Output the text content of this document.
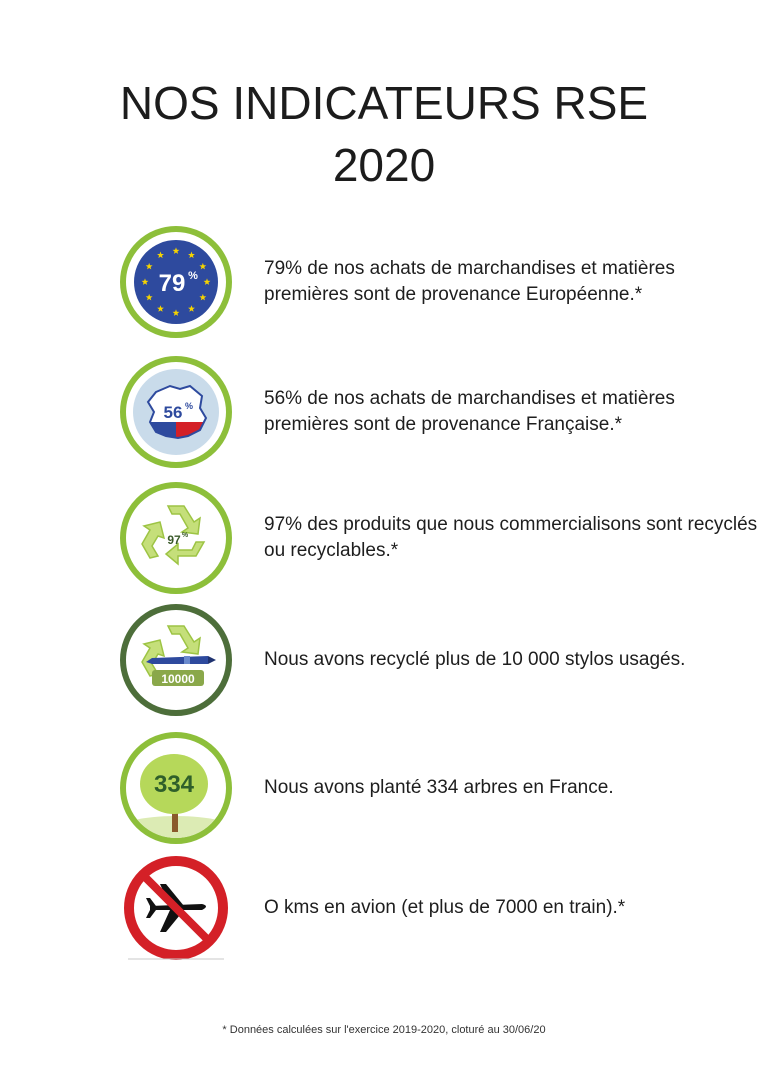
NOS INDICATEURS RSE
2020
79 %	79% de nos achats de marchandises et matières premières sont de provenance Européenne.*
56 %	56% de nos achats de marchandises et matières premières sont de provenance Française.*
97 %
97% des produits que nous commercialisons sont recyclés ou recyclables.*
10000
Nous avons recyclé plus de 10 000 stylos usagés.
334	Nous avons planté 334 arbres en France.
O kms en avion (et plus de 7000 en train).*
* Données calculées sur l'exercice 2019-2020, cloturé au 30/06/20
